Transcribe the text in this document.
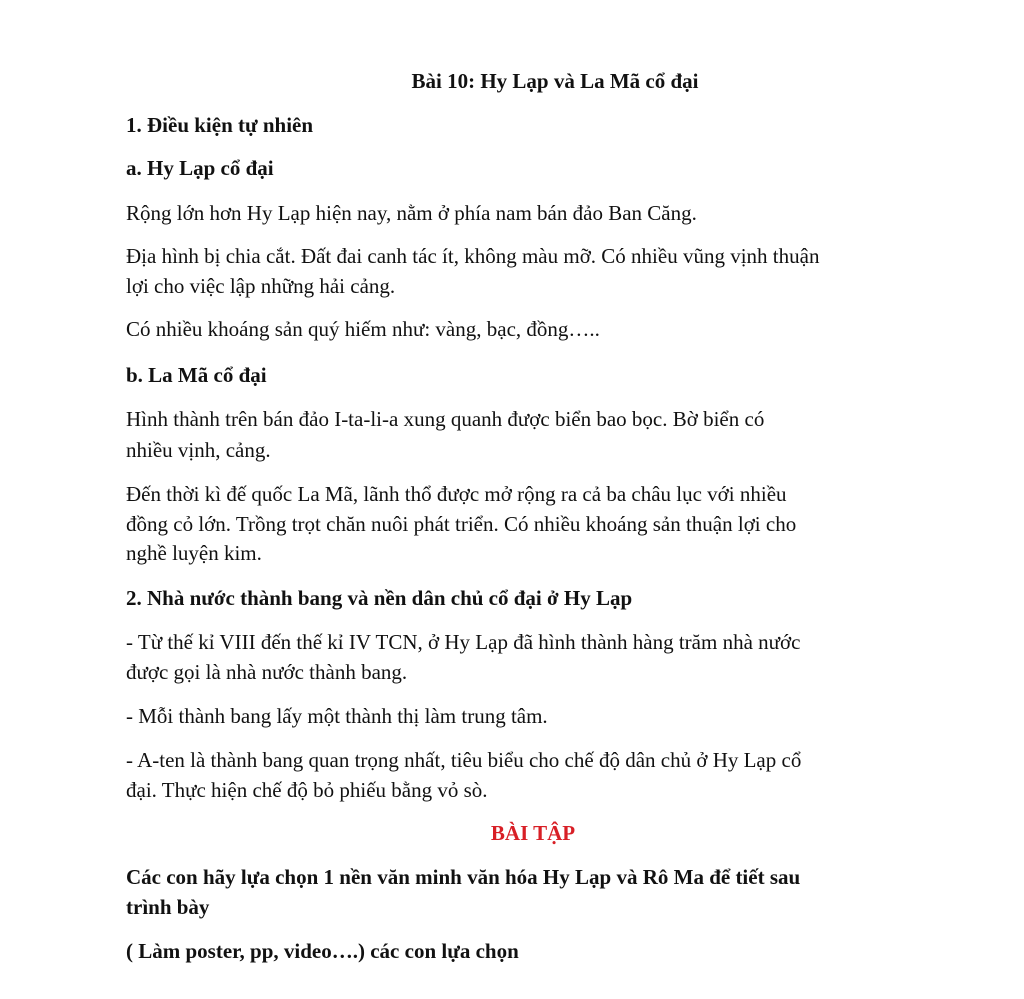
Bài 10: Hy Lạp và La Mã cổ đại
1. Điều kiện tự nhiên
a. Hy Lạp cổ đại
Rộng lớn hơn Hy Lạp hiện nay, nằm ở phía nam bán đảo Ban Căng.
Địa hình bị chia cắt. Đất đai canh tác ít, không màu mỡ. Có nhiều vũng vịnh thuận
lợi cho việc lập những hải cảng.
Có nhiều khoáng sản quý hiếm như: vàng, bạc, đồng…..
b. La Mã cổ đại
Hình thành trên bán đảo I-ta-li-a xung quanh được biển bao bọc. Bờ biển có
nhiều vịnh, cảng.
Đến thời kì đế quốc La Mã, lãnh thổ được mở rộng ra cả ba châu lục với nhiều
đồng cỏ lớn. Trồng trọt chăn nuôi phát triển. Có nhiều khoáng sản thuận lợi cho
nghề luyện kim.
2. Nhà nước thành bang và nền dân chủ cổ đại ở Hy Lạp
- Từ thế kỉ VIII đến thế kỉ IV TCN, ở Hy Lạp đã hình thành hàng trăm nhà nước
được gọi là nhà nước thành bang.
- Mỗi thành bang lấy một thành thị làm trung tâm.
- A-ten là thành bang quan trọng nhất, tiêu biểu cho chế độ dân chủ ở Hy Lạp cổ
đại. Thực hiện chế độ bỏ phiếu bằng vỏ sò.
BÀI TẬP
Các con hãy lựa chọn 1 nền văn minh văn hóa Hy Lạp và Rô Ma để tiết sau
trình bày
( Làm poster, pp, video….) các con lựa chọn
